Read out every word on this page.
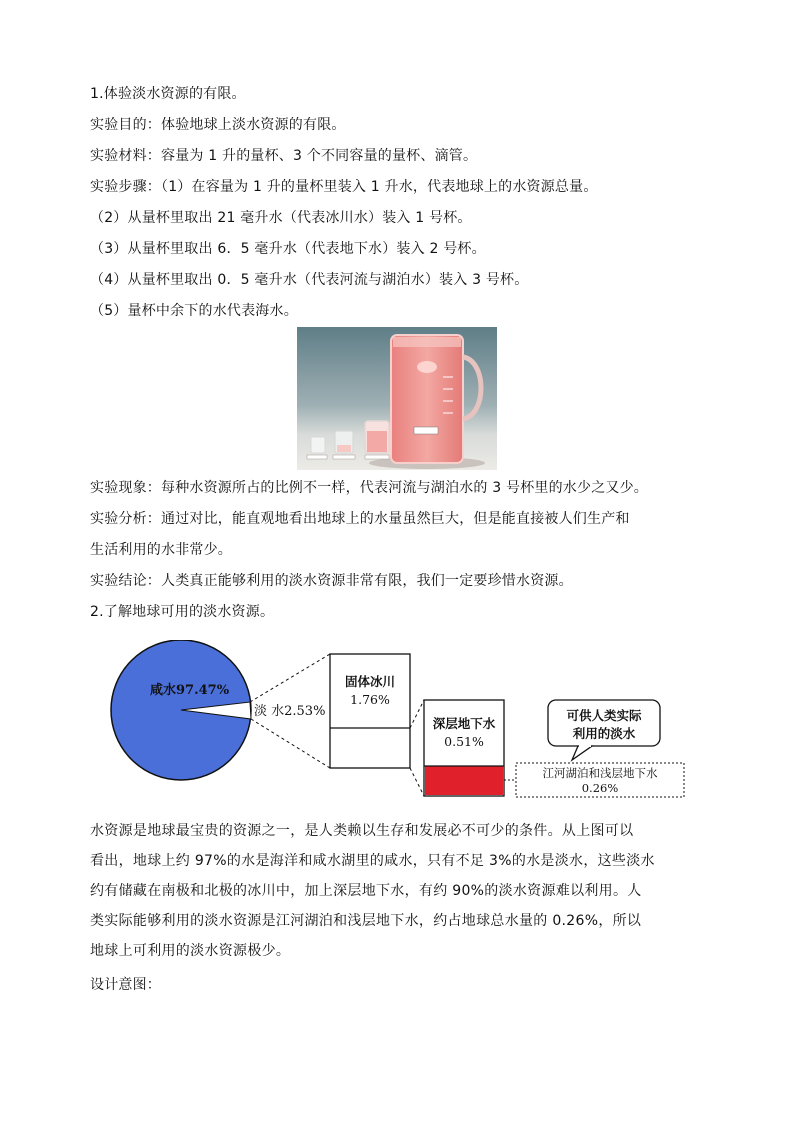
1.体验淡水资源的有限。
实验目的：体验地球上淡水资源的有限。
实验材料：容量为 1 升的量杯、3 个不同容量的量杯、滴管。
实验步骤：（1）在容量为 1 升的量杯里装入 1 升水，代表地球上的水资源总量。
（2）从量杯里取出 21 毫升水（代表冰川水）装入 1 号杯。
（3）从量杯里取出 6．5 毫升水（代表地下水）装入 2 号杯。
（4）从量杯里取出 0．5 毫升水（代表河流与湖泊水）装入 3 号杯。
（5）量杯中余下的水代表海水。
实验现象：每种水资源所占的比例不一样，代表河流与湖泊水的 3 号杯里的水少之又少。
实验分析：通过对比，能直观地看出地球上的水量虽然巨大，但是能直接被人们生产和
生活利用的水非常少。
实验结论：人类真正能够利用的淡水资源非常有限，我们一定要珍惜水资源。
2.了解地球可用的淡水资源。
咸水97.47%
淡 水2.53%
固体冰川
1.76%
深层地下水
0.51%
可供人类实际
利用的淡水
江河湖泊和浅层地下水
0.26%
水资源是地球最宝贵的资源之一，是人类赖以生存和发展必不可少的条件。从上图可以
看出，地球上约 97%的水是海洋和咸水湖里的咸水，只有不足 3%的水是淡水，这些淡水
约有储藏在南极和北极的冰川中，加上深层地下水，有约 90%的淡水资源难以利用。人
类实际能够利用的淡水资源是江河湖泊和浅层地下水，约占地球总水量的 0.26%，所以
地球上可利用的淡水资源极少。
设计意图：
